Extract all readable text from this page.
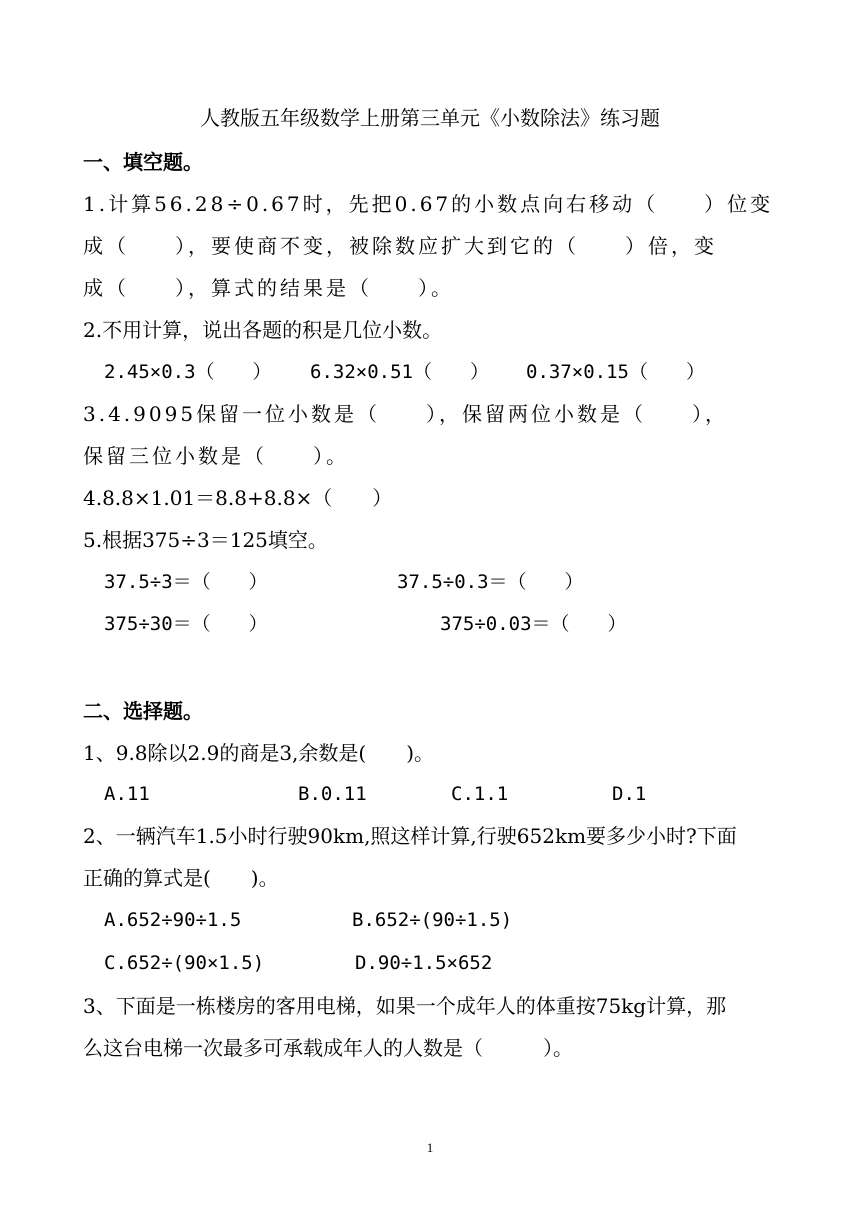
人教版五年级数学上册第三单元《小数除法》练习题
一、填空题。
1.计算56.28÷0.67时，先把0.67的小数点向右移动（　　）位变
成（　　），要使商不变，被除数应扩大到它的（　　）倍，变
成（　　），算式的结果是（　　）。
2.不用计算，说出各题的积是几位小数。
2.45×0.3（　　） 6.32×0.51（　　） 0.37×0.15（　　）
3.4.9095保留一位小数是（　　），保留两位小数是（　　），
保留三位小数是（　　）。
4.8.8×1.01＝8.8+8.8×（　　）
5.根据375÷3＝125填空。
37.5÷3＝（　　）	37.5÷0.3＝（　　）
375÷30＝（　　）	375÷0.03＝（　　）
二、选择题。
1、9.8除以2.9的商是3,余数是(　　)。
A.11	B.0.11	C.1.1	D.1
2、一辆汽车1.5小时行驶90km,照这样计算,行驶652km要多少小时?下面
正确的算式是(　　)。
A.652÷90÷1.5	B.652÷(90÷1.5)
C.652÷(90×1.5)	D.90÷1.5×652
3、下面是一栋楼房的客用电梯，如果一个成年人的体重按75kg计算，那
么这台电梯一次最多可承载成年人的人数是（　　　）。
1
